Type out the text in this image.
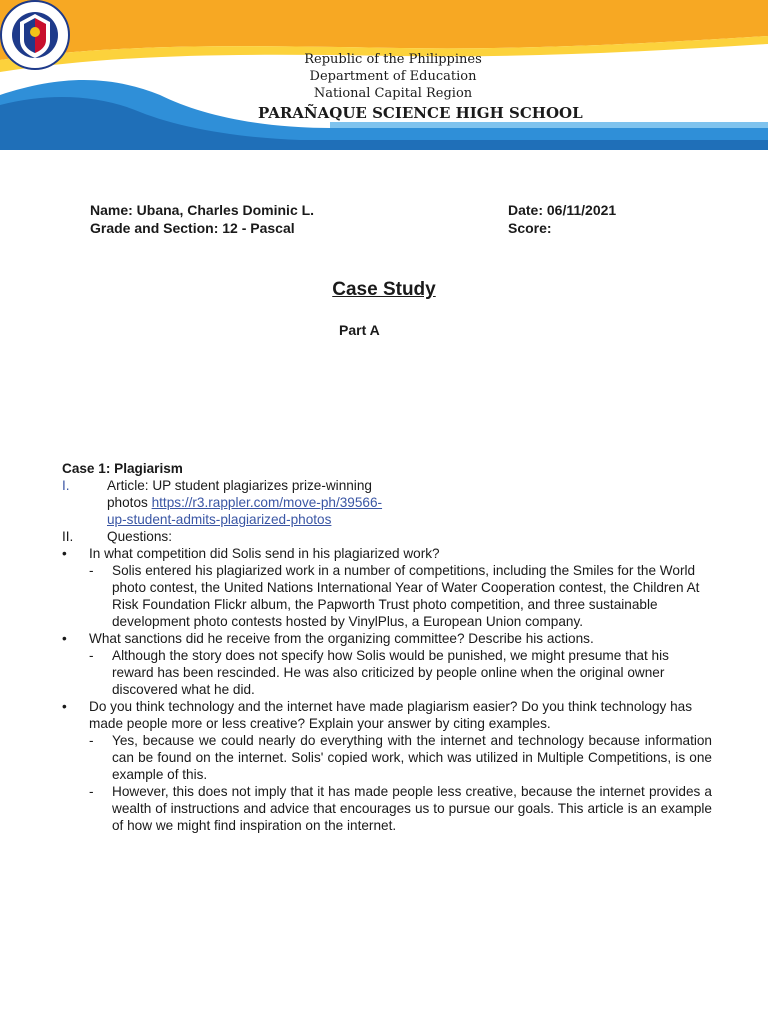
Republic of the Philippines
Department of Education
National Capital Region
PARAÑAQUE SCIENCE HIGH SCHOOL
Name: Ubana, Charles Dominic L.
Grade and Section: 12 - Pascal
Date: 06/11/2021
Score:
Case Study
Part A
Case 1: Plagiarism
I.	Article: UP student plagiarizes prize-winning
photos https://r3.rappler.com/move-ph/39566-
up-student-admits-plagiarized-photos
II.	Questions:
•	In what competition did Solis send in his plagiarized work?
-	Solis entered his plagiarized work in a number of competitions, including the Smiles for the World photo contest, the United Nations International Year of Water Cooperation contest, the Children At Risk Foundation Flickr album, the Papworth Trust photo competition, and three sustainable development photo contests hosted by VinylPlus, a European Union company.
•	What sanctions did he receive from the organizing committee? Describe his actions.
-	Although the story does not specify how Solis would be punished, we might presume that his reward has been rescinded. He was also criticized by people online when the original owner discovered what he did.
•	Do you think technology and the internet have made plagiarism easier? Do you think technology has made people more or less creative? Explain your answer by citing examples.
-	Yes, because we could nearly do everything with the internet and technology because information can be found on the internet. Solis' copied work, which was utilized in Multiple Competitions, is one example of this.
-	However, this does not imply that it has made people less creative, because the internet provides a wealth of instructions and advice that encourages us to pursue our goals. This article is an example of how we might find inspiration on the internet.
